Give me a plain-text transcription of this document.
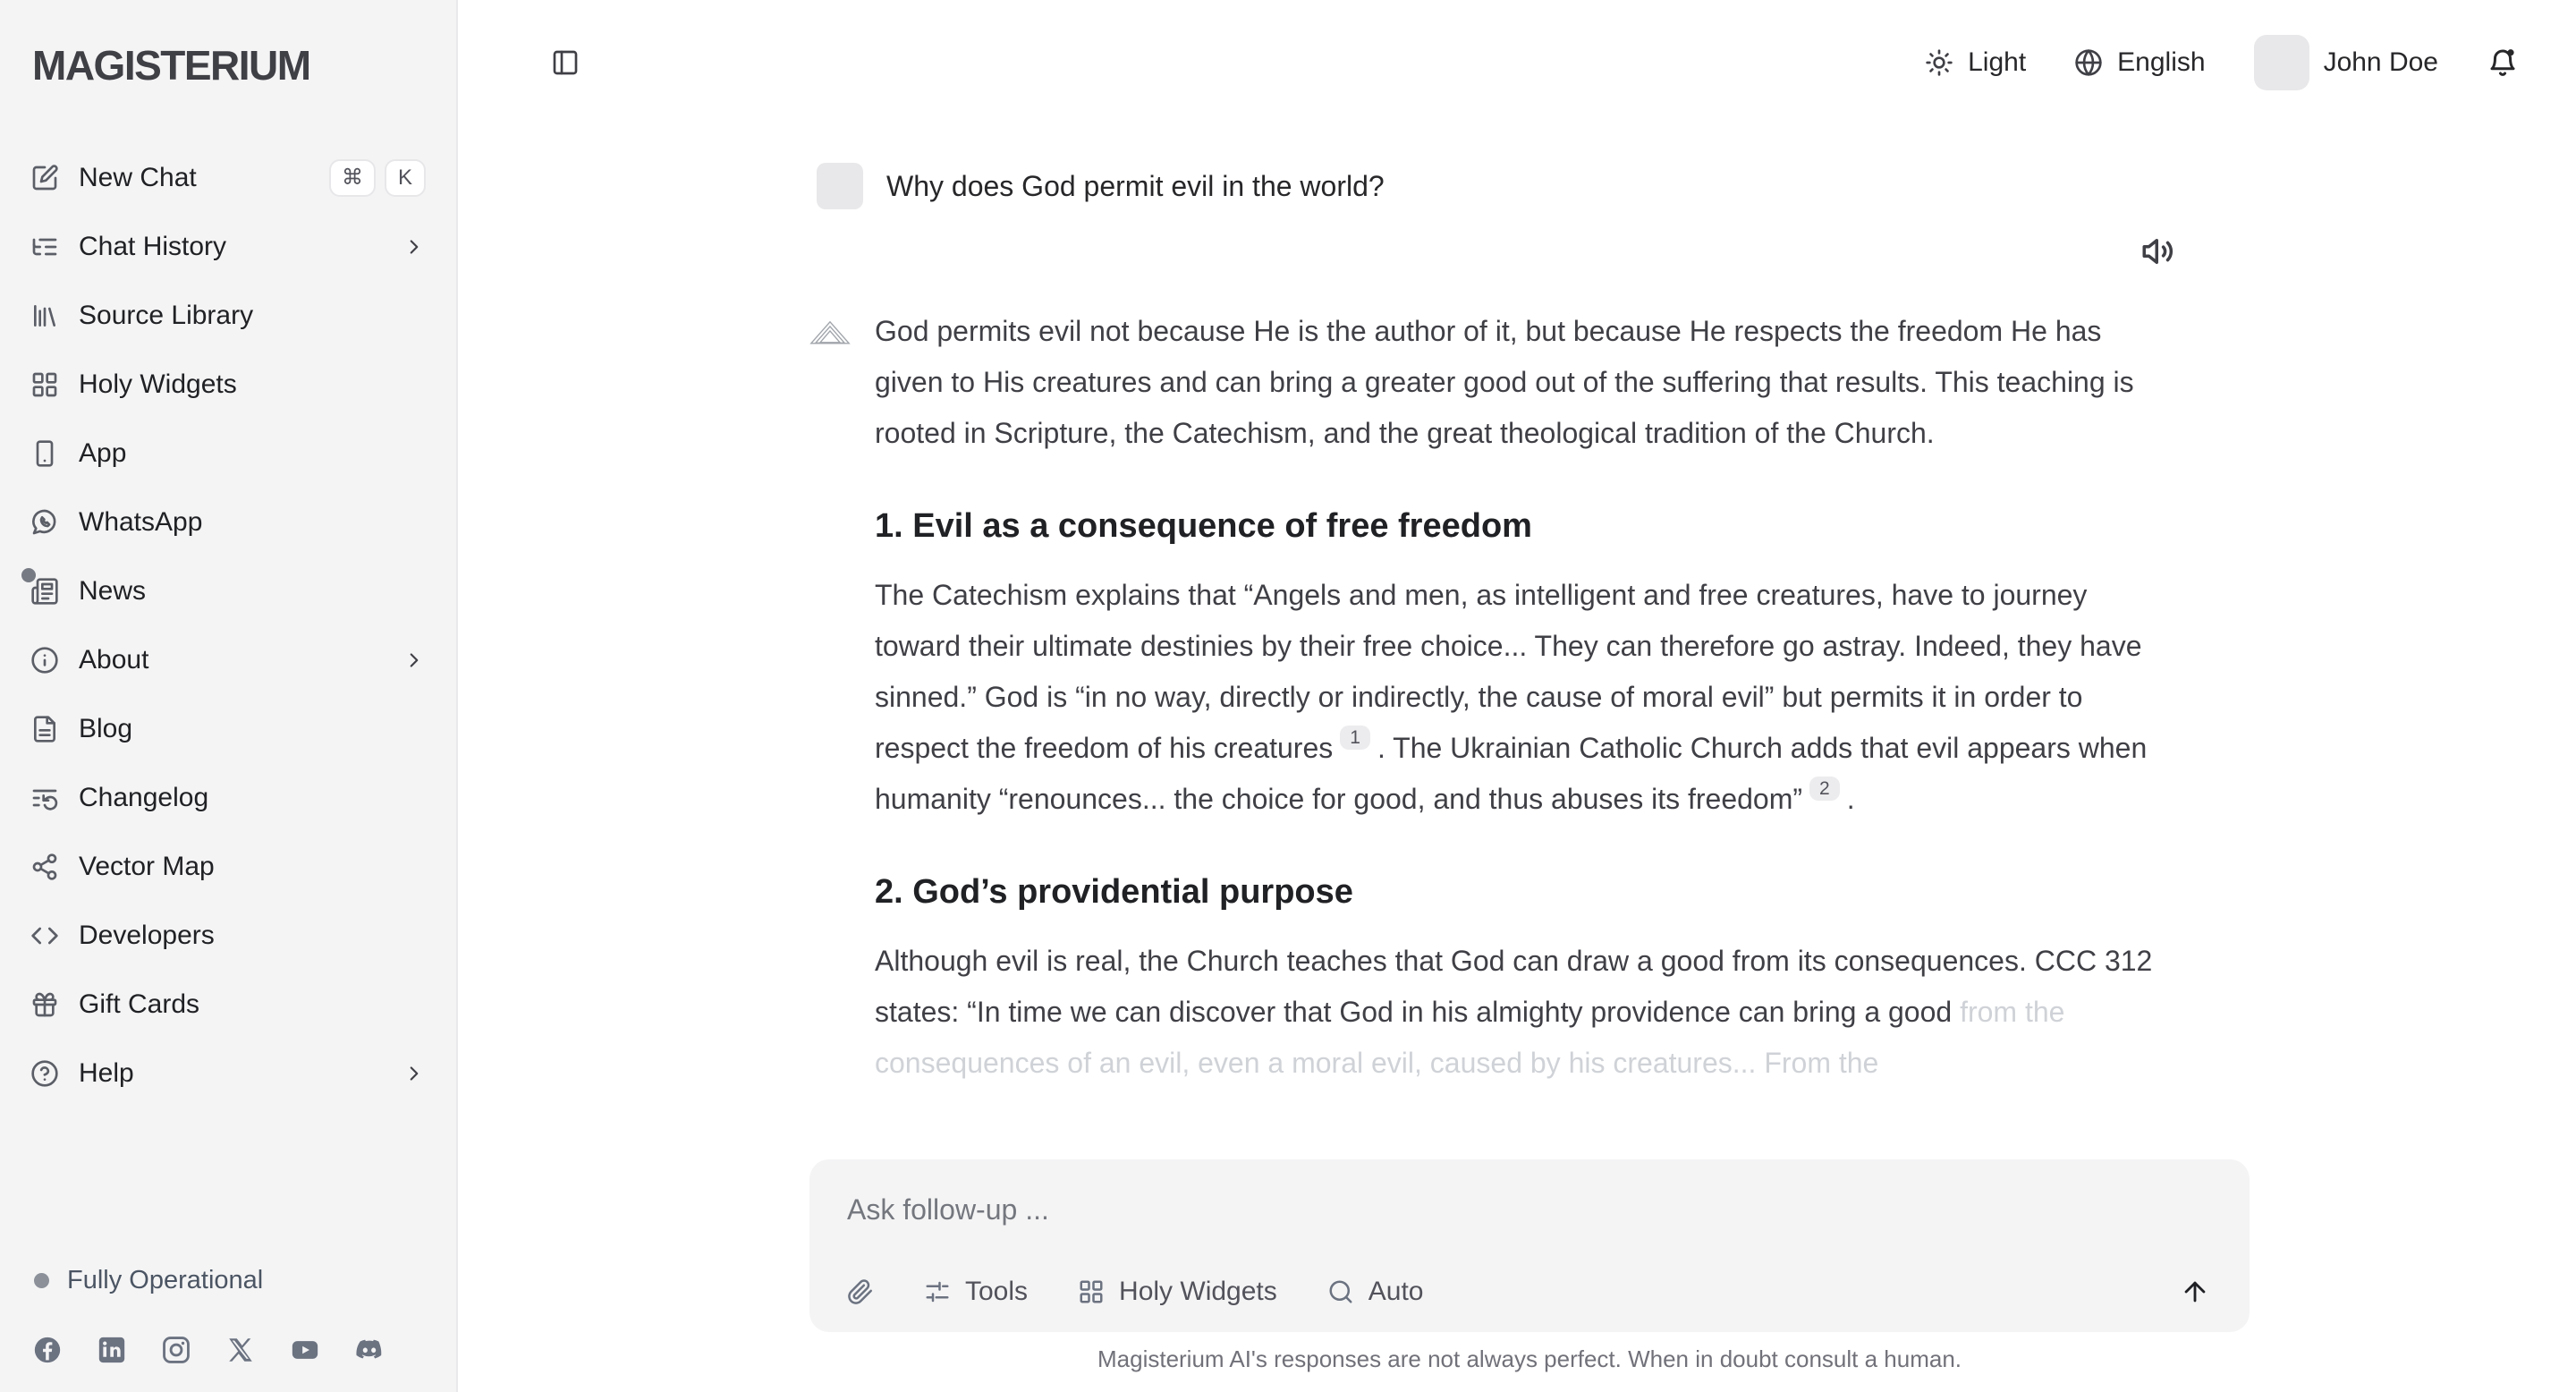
MAGISTERIUM
New Chat	⌘	K
Chat History
Source Library
Holy Widgets
App
WhatsApp
News
About
Blog
Changelog
Vector Map
Developers
Gift Cards
Help
Fully Operational
Light	English	John Doe
Why does God permit evil in the world?

God permits evil not because He is the author of it, but because He respects the freedom He has given to His creatures and can bring a greater good out of the suffering that results. This teaching is rooted in Scripture, the Catechism, and the great theological tradition of the Church.

1. Evil as a consequence of free freedom

The Catechism explains that “Angels and men, as intelligent and free creatures, have to journey toward their ultimate destinies by their free choice... They can therefore go astray. Indeed, they have sinned.” God is “in no way, directly or indirectly, the cause of moral evil” but permits it in order to respect the freedom of his creatures $^1$ . The Ukrainian Catholic Church adds that evil appears when humanity “renounces... the choice for good, and thus abuses its freedom” $^2$ .

2. God’s providential purpose

Although evil is real, the Church teaches that God can draw a good from its consequences. CCC 312 states: “In time we can discover that God in his almighty providence can bring a good from the consequences of an evil, even a moral evil, caused by his creatures... From the

Ask follow-up ...
Tools	Holy Widgets	Auto
Magisterium AI's responses are not always perfect. When in doubt consult a human.
